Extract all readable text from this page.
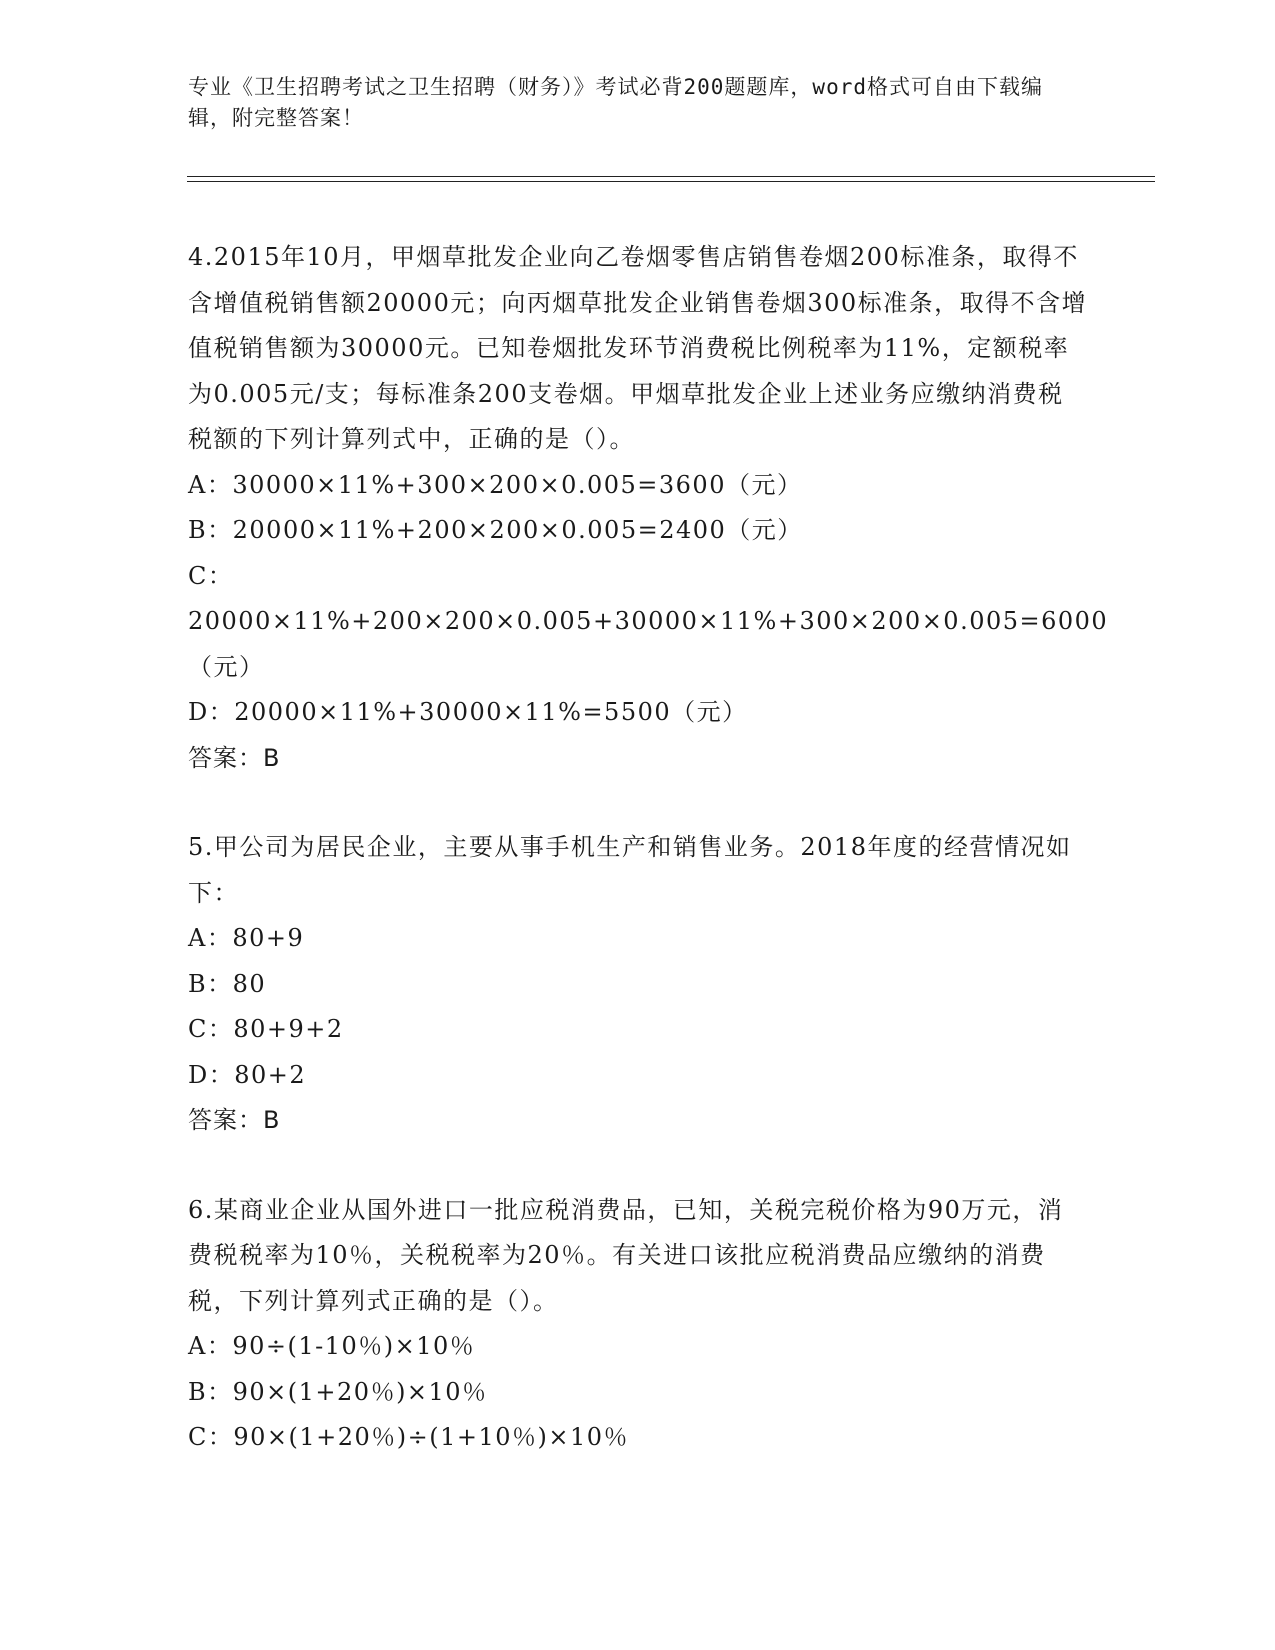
专业《卫生招聘考试之卫生招聘（财务）》考试必背200题题库，word格式可自由下载编辑，附完整答案！
4.2015年10月，甲烟草批发企业向乙卷烟零售店销售卷烟200标准条，取得不含增值税销售额20000元；向丙烟草批发企业销售卷烟300标准条，取得不含增值税销售额为30000元。已知卷烟批发环节消费税比例税率为11%，定额税率为0.005元/支；每标准条200支卷烟。甲烟草批发企业上述业务应缴纳消费税税额的下列计算列式中，正确的是（）。
A：30000×11%+300×200×0.005=3600（元）
B：20000×11%+200×200×0.005=2400（元）
C：20000×11%+200×200×0.005+30000×11%+300×200×0.005=6000（元）
D：20000×11%+30000×11%=5500（元）
答案：B
5.甲公司为居民企业，主要从事手机生产和销售业务。2018年度的经营情况如下：
A：80+9
B：80
C：80+9+2
D：80+2
答案：B
6.某商业企业从国外进口一批应税消费品，已知，关税完税价格为90万元，消费税税率为10％，关税税率为20％。有关进口该批应税消费品应缴纳的消费税，下列计算列式正确的是（）。
A：90÷(1-10％)×10％
B：90×(1+20％)×10％
C：90×(1+20％)÷(1+10％)×10％
